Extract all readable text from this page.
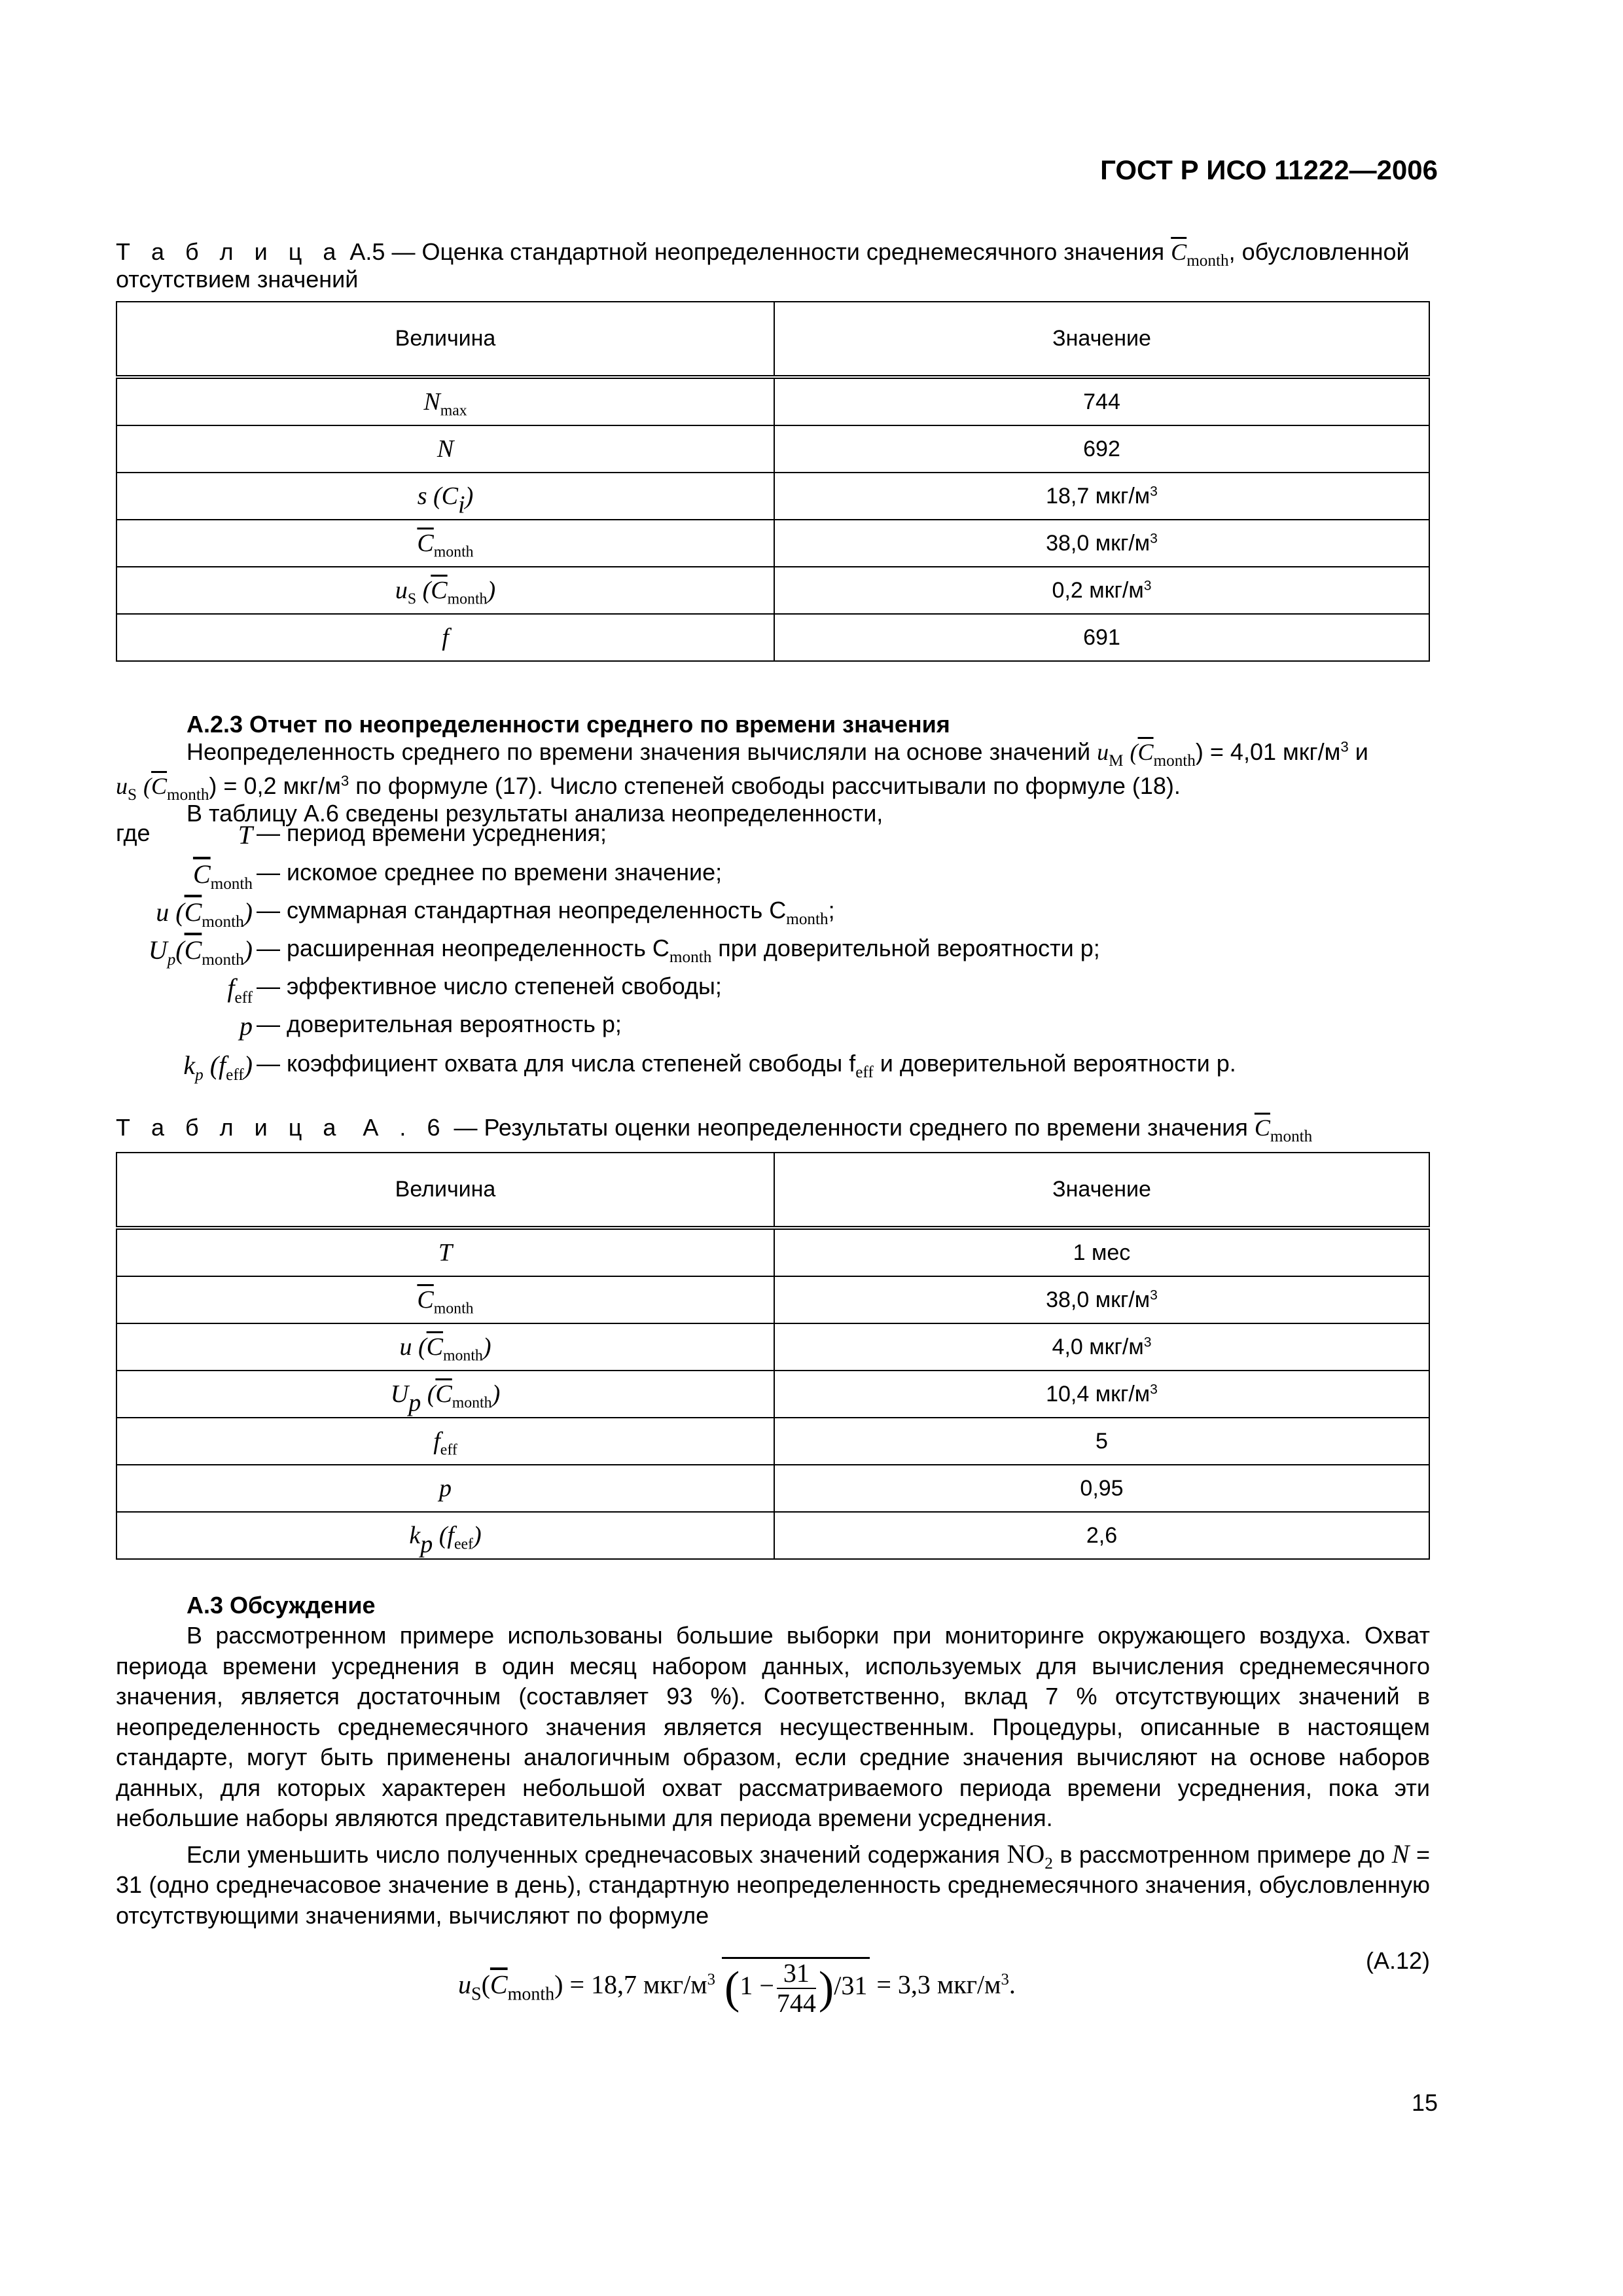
ГОСТ Р ИСО 11222—2006
Т а б л и ц а А.5 — Оценка стандартной неопределенности среднемесячного значения $\overline{C}_{month}$, обусловленной отсутствием значений
Величина	Значение
$N_{max}$	744
N	692
s $(C_i)$	18,7 мкг/$м^3$
$\overline{C}_{month}$	38,0 мкг/$м^3$
$u_S$ $(\overline{C}_{month})$	0,2 мкг/$м^3$
f	691
А.2.3 Отчет по неопределенности среднего по времени значения
Неопределенность среднего по времени значения вычисляли на основе значений $u_M$ $(\overline{C}_{month}) = 4,01$ мкг/$м^3$ и
$u_S$ $(\overline{C}_{month}) = 0,2$ мкг/$м^3$ по формуле (17). Число степеней свободы рассчитывали по формуле (18).
В таблицу А.6 сведены результаты анализа неопределенности,
где	T — период времени усреднения;
$\overline{C}_{month}$ — искомое среднее по времени значение;
u $(\overline{C}_{month})$ — суммарная стандартная неопределенность $C_{month}$;
$U_p(\overline{C}_{month})$ — расширенная неопределенность $C_{month}$ при доверительной вероятности p;
$f_{eff}$ — эффективное число степеней свободы;
p — доверительная вероятность p;
$k_p$ $(f_{eff})$ — коэффициент охвата для числа степеней свободы $f_{eff}$ и доверительной вероятности p.
Т а б л и ц а А . 6 — Результаты оценки неопределенности среднего по времени значения $\overline{C}_{month}$
Величина	Значение
T	1 мес
$\overline{C}_{month}$	38,0 мкг/$м^3$
u $(\overline{C}_{month})$	4,0 мкг/$м^3$
$U_p$ $(\overline{C}_{month})$	10,4 мкг/$м^3$
$f_{eff}$	5
p	0,95
$k_p$ $(f_{eef})$	2,6
А.3 Обсуждение
В рассмотренном примере использованы большие выборки при мониторинге окружающего воздуха. Охват периода времени усреднения в один месяц набором данных, используемых для вычисления среднемесячного значения, является достаточным (составляет 93 %). Соответственно, вклад 7 % отсутствующих значений в неопределенность среднемесячного значения является несущественным. Процедуры, описанные в настоящем стандарте, могут быть применены аналогичным образом, если средние значения вычисляют на основе наборов данных, для которых характерен небольшой охват рассматриваемого периода времени усреднения, пока эти небольшие наборы являются представительными для периода времени усреднения.
Если уменьшить число полученных среднечасовых значений содержания $NO_2$ в рассмотренном примере до N = 31 (одно среднечасовое значение в день), стандартную неопределенность среднемесячного значения, обусловленную отсутствующими значениями, вычисляют по формуле
$u_S(\overline{C}_{month}) = 18,7$ мкг/$м^3$ $(1 - \frac{31}{744} )/31 = 3,3$ мкг/$м^3$.
(А.12)
15
